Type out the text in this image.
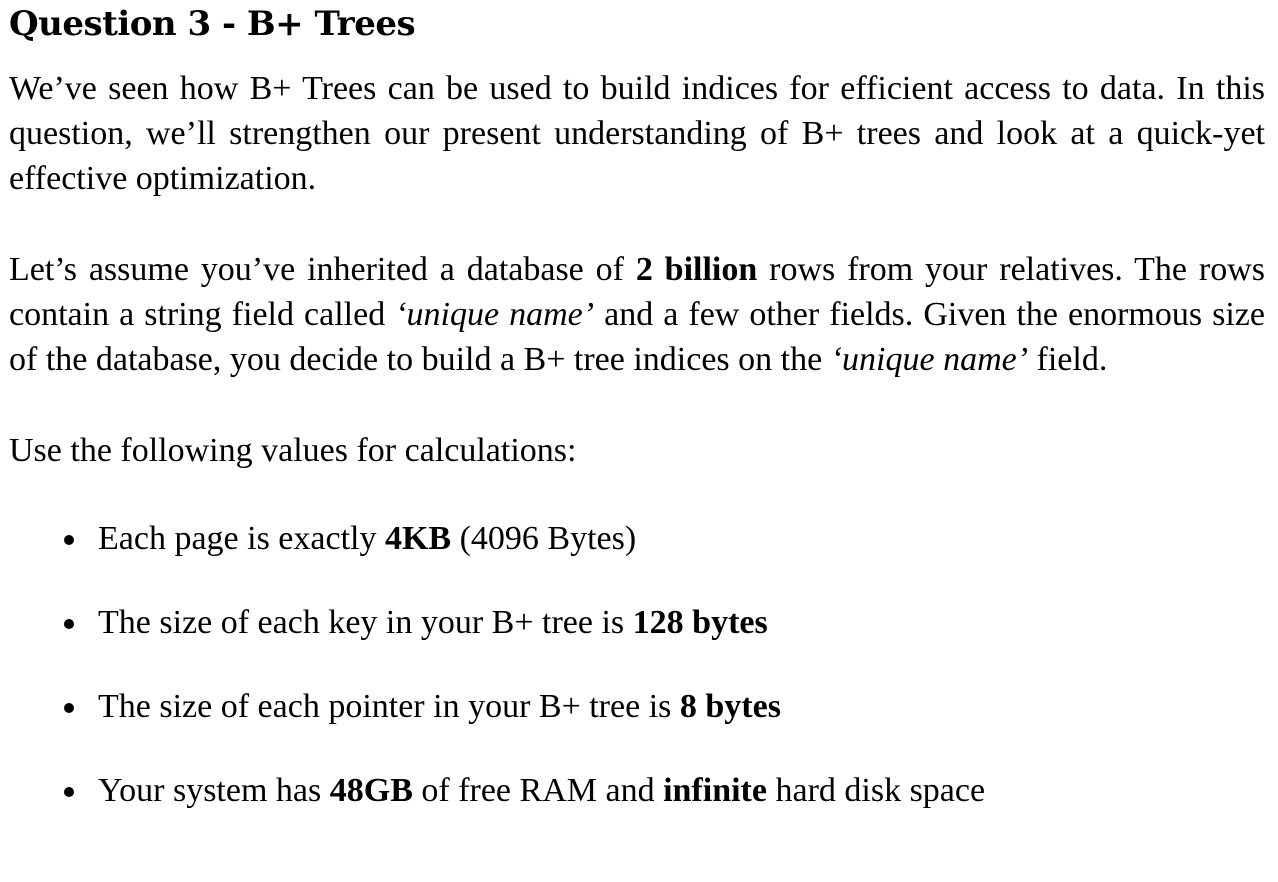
Question 3 - B+ Trees

We’ve seen how B+ Trees can be used to build indices for efficient access to data. In this question, we’ll strengthen our present understanding of B+ trees and look at a quick-yet effective optimization.

Let’s assume you’ve inherited a database of 2 billion rows from your relatives. The rows contain a string field called ‘unique name’ and a few other fields. Given the enormous size of the database, you decide to build a B+ tree indices on the ‘unique name’ field.

Use the following values for calculations:

Each page is exactly 4KB (4096 Bytes)
The size of each key in your B+ tree is 128 bytes
The size of each pointer in your B+ tree is 8 bytes
Your system has 48GB of free RAM and infinite hard disk space
